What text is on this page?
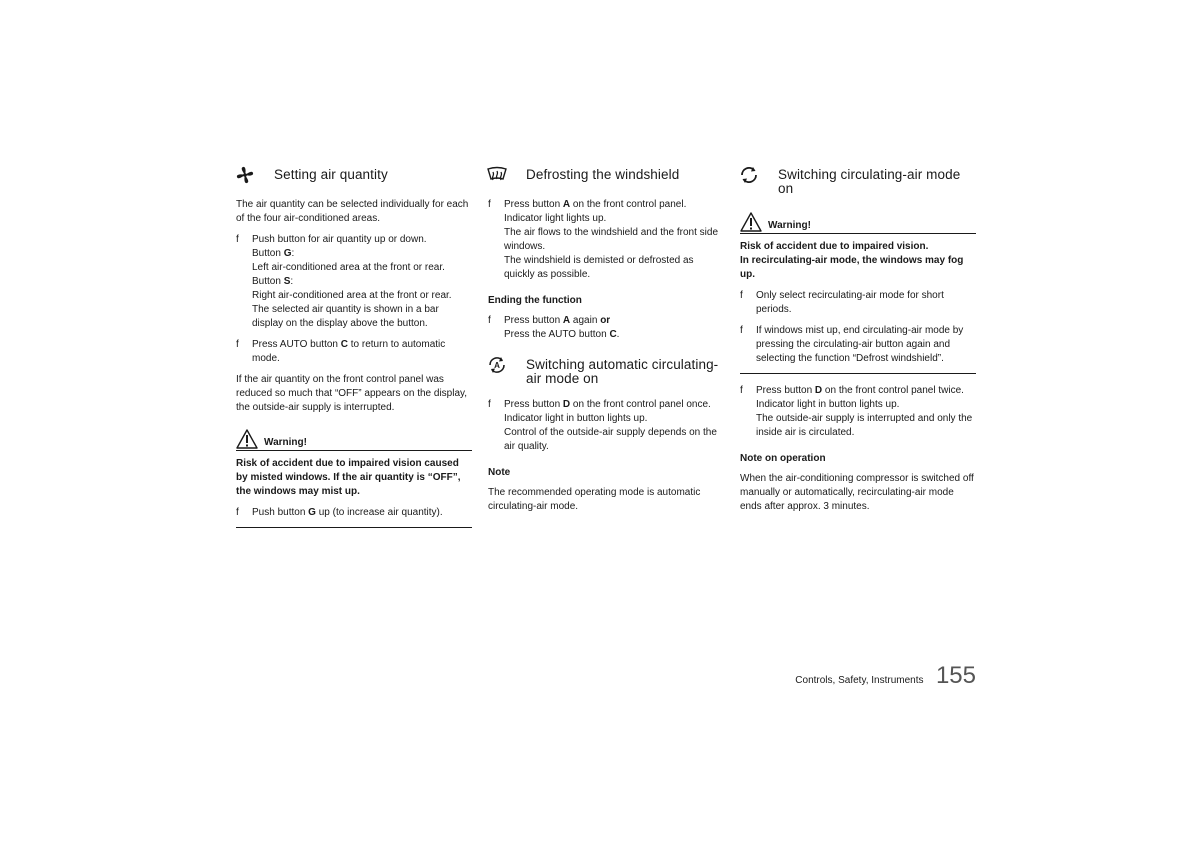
Setting air quantity

The air quantity can be selected individually for each of the four air-conditioned areas.

f	Push button for air quantity up or down.
Button G:
Left air-conditioned area at the front or rear.
Button S:
Right air-conditioned area at the front or rear.
The selected air quantity is shown in a bar display on the display above the button.
f	Press AUTO button C to return to automatic mode.

If the air quantity on the front control panel was reduced so much that “OFF” appears on the display, the outside-air supply is interrupted.

Warning!
Risk of accident due to impaired vision caused by misted windows. If the air quantity is “OFF”, the windows may mist up.
f	Push button G up (to increase air quantity).
Defrosting the windshield
f	Press button A on the front control panel.
Indicator light lights up.
The air flows to the windshield and the front side windows.
The windshield is demisted or defrosted as quickly as possible.
Ending the function
f	Press button A again or
Press the AUTO button C.
A Switching automatic circulating-air mode on
f	Press button D on the front control panel once.
Indicator light in button lights up.
Control of the outside-air supply depends on the air quality.
Note

The recommended operating mode is automatic circulating-air mode.

Switching circulating-air mode on
Warning!
Risk of accident due to impaired vision.
In recirculating-air mode, the windows may fog up.
f	Only select recirculating-air mode for short periods.
f	If windows mist up, end circulating-air mode by pressing the circulating-air button again and selecting the function “Defrost windshield”.
f	Press button D on the front control panel twice.
Indicator light in button lights up.
The outside-air supply is interrupted and only the inside air is circulated.
Note on operation

When the air-conditioning compressor is switched off manually or automatically, recirculating-air mode ends after approx. 3 minutes.

Controls, Safety, Instruments 155
